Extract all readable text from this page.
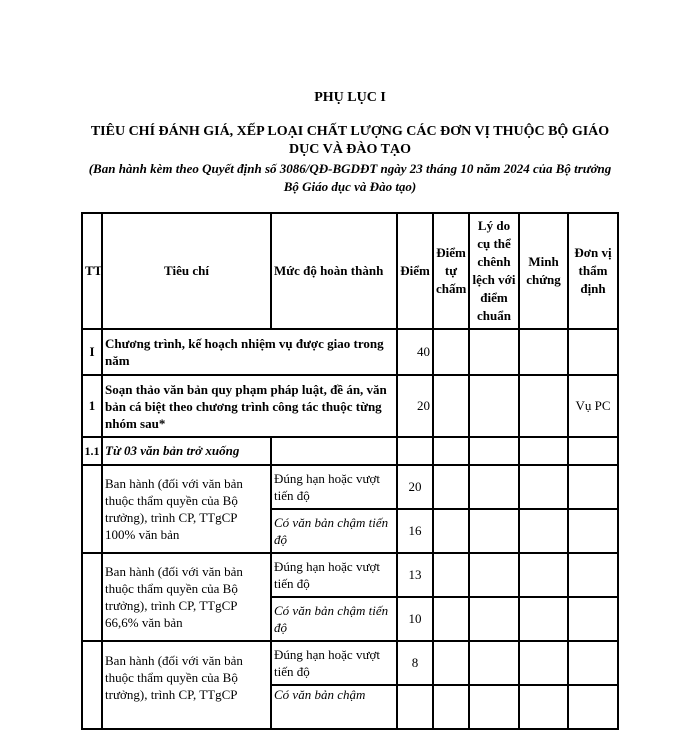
PHỤ LỤC I
TIÊU CHÍ ĐÁNH GIÁ, XẾP LOẠI CHẤT LƯỢNG CÁC ĐƠN VỊ THUỘC BỘ GIÁO DỤC VÀ ĐÀO TẠO
(Ban hành kèm theo Quyết định số 3086/QĐ-BGDĐT ngày 23 tháng 10 năm 2024 của Bộ trưởng Bộ Giáo dục và Đào tạo)
TT	Tiêu chí	Mức độ hoàn thành	Điểm	Điểm tự chấm	Lý do cụ thể chênh lệch với điểm chuẩn	Minh chứng	Đơn vị thẩm định
I	Chương trình, kế hoạch nhiệm vụ được giao trong năm		40				
1	Soạn thảo văn bản quy phạm pháp luật, đề án, văn bản cá biệt theo chương trình công tác thuộc từng nhóm sau*		20				Vụ PC
1.1	Từ 03 văn bản trở xuống						
	Ban hành (đối với văn bản thuộc thẩm quyền của Bộ trưởng), trình CP, TTgCP 100% văn bản	Đúng hạn hoặc vượt tiến độ	20				
		Có văn bản chậm tiến độ	16				
	Ban hành (đối với văn bản thuộc thẩm quyền của Bộ trưởng), trình CP, TTgCP 66,6% văn bản	Đúng hạn hoặc vượt tiến độ	13				
		Có văn bản chậm tiến độ	10				
	Ban hành (đối với văn bản thuộc thẩm quyền của Bộ trưởng), trình CP, TTgCP	Đúng hạn hoặc vượt tiến độ	8				
		Có văn bản chậm					
